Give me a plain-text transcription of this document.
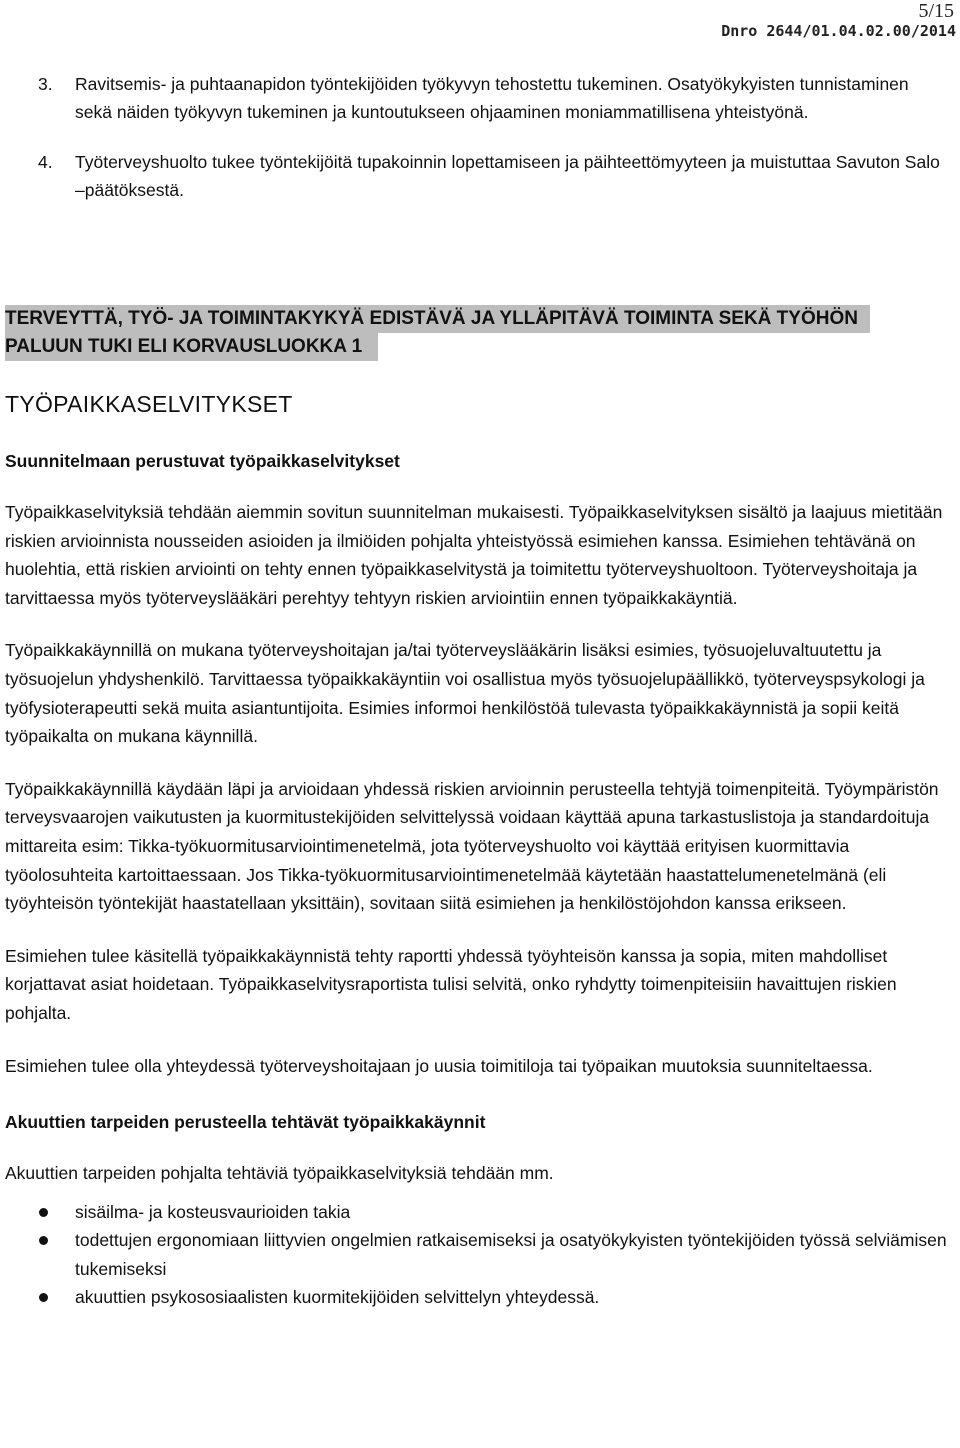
5/15
Dnro 2644/01.04.02.00/2014
3. Ravitsemis- ja puhtaanapidon työntekijöiden työkyvyn tehostettu tukeminen. Osatyökykyisten tunnistaminen sekä näiden työkyvyn tukeminen ja kuntoutukseen ohjaaminen moniammatillisena yhteistyönä.
4. Työterveyshuolto tukee työntekijöitä tupakoinnin lopettamiseen ja päihteettömyyteen ja muistuttaa Savuton Salo –päätöksestä.
TERVEYTTÄ, TYÖ- JA TOIMINTAKYKYÄ EDISTÄVÄ JA YLLÄPITÄVÄ TOIMINTA SEKÄ TYÖHÖN
PALUUN TUKI ELI KORVAUSLUOKKA 1
TYÖPAIKKASELVITYKSET
Suunnitelmaan perustuvat työpaikkaselvitykset

Työpaikkaselvityksiä tehdään aiemmin sovitun suunnitelman mukaisesti. Työpaikkaselvityksen sisältö ja laajuus mietitään riskien arvioinnista nousseiden asioiden ja ilmiöiden pohjalta yhteistyössä esimiehen kanssa. Esimiehen tehtävänä on huolehtia, että riskien arviointi on tehty ennen työpaikkaselvitystä ja toimitettu työterveyshuoltoon. Työterveyshoitaja ja tarvittaessa myös työterveyslääkäri perehtyy tehtyyn riskien arviointiin ennen työpaikkakäyntiä.

Työpaikkakäynnillä on mukana työterveyshoitajan ja/tai työterveyslääkärin lisäksi esimies, työsuojeluvaltuutettu ja työsuojelun yhdyshenkilö. Tarvittaessa työpaikkakäyntiin voi osallistua myös työsuojelupäällikkö, työterveyspsykologi ja työfysioterapeutti sekä muita asiantuntijoita. Esimies informoi henkilöstöä tulevasta työpaikkakäynnistä ja sopii keitä työpaikalta on mukana käynnillä.

Työpaikkakäynnillä käydään läpi ja arvioidaan yhdessä riskien arvioinnin perusteella tehtyjä toimenpiteitä. Työympäristön terveysvaarojen vaikutusten ja kuormitustekijöiden selvittelyssä voidaan käyttää apuna tarkastuslistoja ja standardoituja mittareita esim: Tikka-työkuormitusarviointimenetelmä, jota työterveyshuolto voi käyttää erityisen kuormittavia työolosuhteita kartoittaessaan. Jos Tikka-työkuormitusarviointimenetelmää käytetään haastattelumenetelmänä (eli työyhteisön työntekijät haastatellaan yksittäin), sovitaan siitä esimiehen ja henkilöstöjohdon kanssa erikseen.

Esimiehen tulee käsitellä työpaikkakäynnistä tehty raportti yhdessä työyhteisön kanssa ja sopia, miten mahdolliset korjattavat asiat hoidetaan. Työpaikkaselvitysraportista tulisi selvitä, onko ryhdytty toimenpiteisiin havaittujen riskien pohjalta.

Esimiehen tulee olla yhteydessä työterveyshoitajaan jo uusia toimitiloja tai työpaikan muutoksia suunniteltaessa.

Akuuttien tarpeiden perusteella tehtävät työpaikkakäynnit

Akuuttien tarpeiden pohjalta tehtäviä työpaikkaselvityksiä tehdään mm.

sisäilma- ja kosteusvaurioiden takia
todettujen ergonomiaan liittyvien ongelmien ratkaisemiseksi ja osatyökykyisten työntekijöiden työssä selviämisen tukemiseksi
akuuttien psykososiaalisten kuormitekijöiden selvittelyn yhteydessä.
